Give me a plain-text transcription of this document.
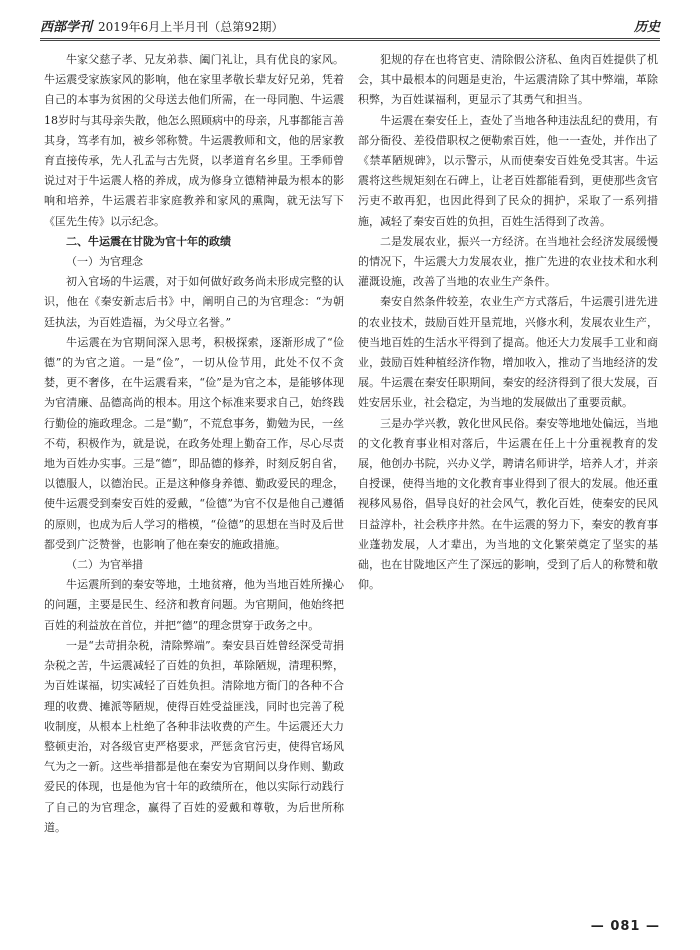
西部学刊 2019年6月上半月刊（总第92期）	历史

牛家父慈子孝、兄友弟恭、阖门礼让，具有优良的家风。牛运震受家族家风的影响，他在家里孝敬长辈友好兄弟，凭着自己的本事为贫困的父母送去他们所需，在一母同胞、牛运震18岁时与其母亲失散，他怎么照顾病中的母亲，凡事都能言善其身，笃孝有加，被乡邻称赞。牛运震教师和文，他的居家教育直接传承，先人孔孟与古先贤，以孝道育名乡里。王季师曾说过对于牛运震人格的养成，成为修身立德精神最为根本的影响和培养，牛运震若非家庭教养和家风的熏陶，就无法写下《匡先生传》以示纪念。

二、牛运震在甘陇为官十年的政绩
（一）为官理念

初入官场的牛运震，对于如何做好政务尚未形成完整的认识，他在《秦安新志后书》中，阐明自己的为官理念：“为朝廷执法，为百姓造福，为父母立名誉。”

牛运震在为官期间深入思考，积极探索，逐渐形成了“俭德”的为官之道。一是“俭”，一切从俭节用，此处不仅不贪婪，更不奢侈，在牛运震看来，“俭”是为官之本，是能够体现为官清廉、品德高尚的根本。用这个标准来要求自己，始终践行勤俭的施政理念。二是“勤”，不荒怠事务，勤勉为民，一丝不苟，积极作为，就是说，在政务处理上勤奋工作，尽心尽责地为百姓办实事。三是“德”，即品德的修养，时刻反躬自省，以德服人，以德治民。正是这种修身养德、勤政爱民的理念，使牛运震受到秦安百姓的爱戴，“俭德”为官不仅是他自己遵循的原则，也成为后人学习的楷模，“俭德”的思想在当时及后世都受到广泛赞誉，也影响了他在秦安的施政措施。

（二）为官举措

牛运震所到的秦安等地，土地贫瘠，他为当地百姓所操心的问题，主要是民生、经济和教育问题。为官期间，他始终把百姓的利益放在首位，并把“德”的理念贯穿于政务之中。

一是“去苛捐杂税，清除弊端”。秦安县百姓曾经深受苛捐杂税之苦，牛运震减轻了百姓的负担，革除陋规，清理积弊，为百姓谋福，切实减轻了百姓负担。清除地方衙门的各种不合理的收费、摊派等陋规，使得百姓受益匪浅，同时也完善了税收制度，从根本上杜绝了各种非法收费的产生。牛运震还大力整顿吏治，对各级官吏严格要求，严惩贪官污吏，使得官场风气为之一新。这些举措都是他在秦安为官期间以身作则、勤政爱民的体现，也是他为官十年的政绩所在，他以实际行动践行了自己的为官理念，赢得了百姓的爱戴和尊敬，为后世所称道。

犯规的存在也将官吏、清除假公济私、鱼肉百姓提供了机会，其中最根本的问题是吏治，牛运震清除了其中弊端，革除积弊，为百姓谋福利，更显示了其勇气和担当。

牛运震在秦安任上，查处了当地各种违法乱纪的费用，有部分衙役、差役借职权之便勒索百姓，他一一查处，并作出了《禁革陋规碑》，以示警示，从而使秦安百姓免受其害。牛运震将这些规矩刻在石碑上，让老百姓都能看到，更使那些贪官污吏不敢再犯，也因此得到了民众的拥护，采取了一系列措施，减轻了秦安百姓的负担，百姓生活得到了改善。

二是发展农业，振兴一方经济。在当地社会经济发展缓慢的情况下，牛运震大力发展农业，推广先进的农业技术和水利灌溉设施，改善了当地的农业生产条件。

秦安自然条件较差，农业生产方式落后，牛运震引进先进的农业技术，鼓励百姓开垦荒地，兴修水利，发展农业生产，使当地百姓的生活水平得到了提高。他还大力发展手工业和商业，鼓励百姓种植经济作物，增加收入，推动了当地经济的发展。牛运震在秦安任职期间，秦安的经济得到了很大发展，百姓安居乐业，社会稳定，为当地的发展做出了重要贡献。

三是办学兴教，敦化世风民俗。秦安等地地处偏远，当地的文化教育事业相对落后，牛运震在任上十分重视教育的发展，他创办书院，兴办义学，聘请名师讲学，培养人才，并亲自授课，使得当地的文化教育事业得到了很大的发展。他还重视移风易俗，倡导良好的社会风气，教化百姓，使秦安的民风日益淳朴，社会秩序井然。在牛运震的努力下，秦安的教育事业蓬勃发展，人才辈出，为当地的文化繁荣奠定了坚实的基础，也在甘陇地区产生了深远的影响，受到了后人的称赞和敬仰。

— 081 —
